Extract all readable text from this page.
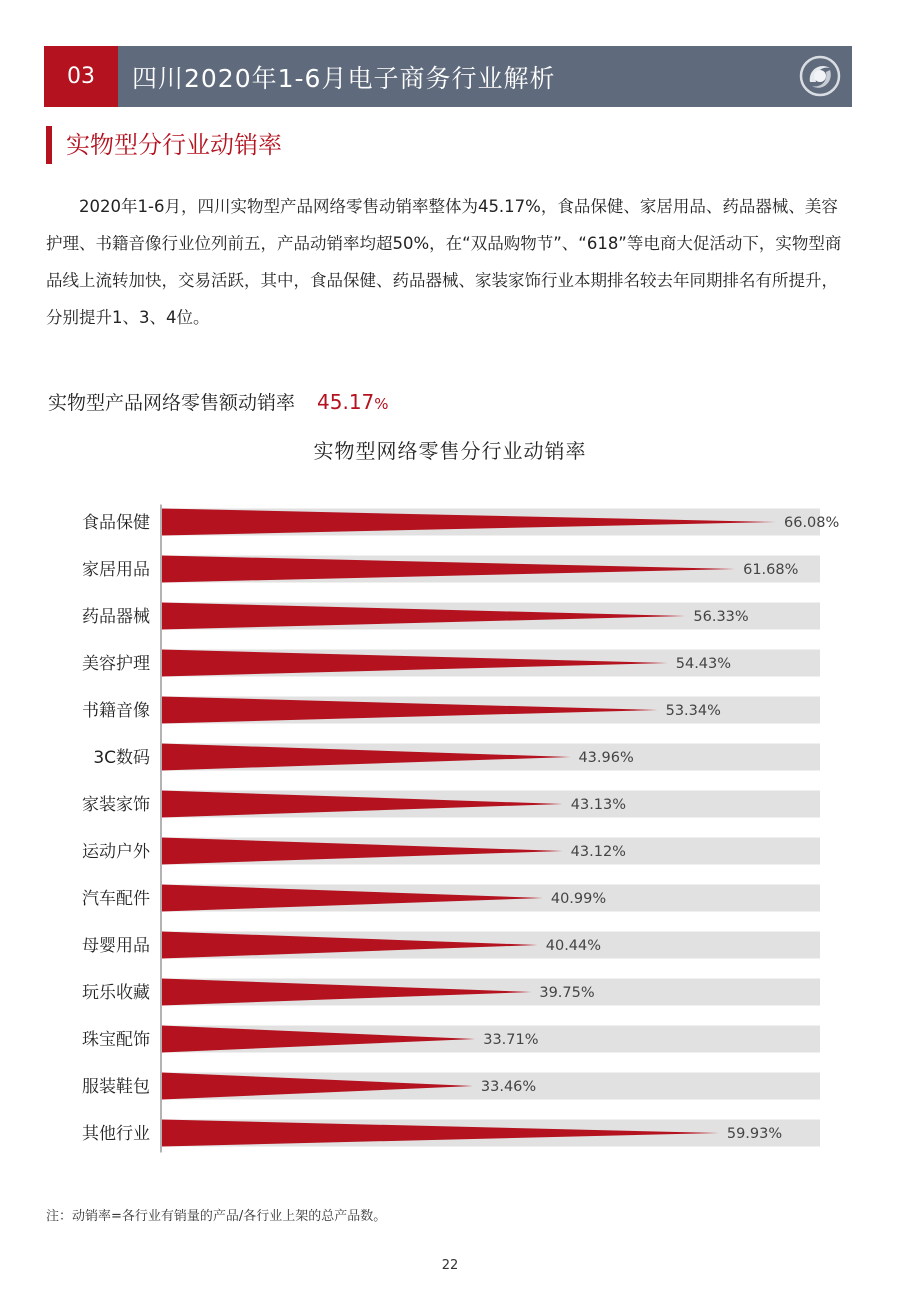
03	四川2020年1-6月电子商务行业解析
实物型分行业动销率
2020年1-6月，四川实物型产品网络零售动销率整体为45.17%，食品保健、家居用品、药品器械、美容护理、书籍音像行业位列前五，产品动销率均超50%，在“双品购物节”、“618”等电商大促活动下，实物型商品线上流转加快，交易活跃，其中，食品保健、药品器械、家装家饰行业本期排名较去年同期排名有所提升，分别提升1、3、4位。
实物型产品网络零售额动销率 45.17%
实物型网络零售分行业动销率
食品保健	66.08%
家居用品	61.68%
药品器械	56.33%
美容护理	54.43%
书籍音像	53.34%
3C数码	43.96%
家装家饰	43.13%
运动户外	43.12%
汽车配件	40.99%
母婴用品	40.44%
玩乐收藏	39.75%
珠宝配饰	33.71%
服装鞋包	33.46%
其他行业	59.93%
注：动销率=各行业有销量的产品/各行业上架的总产品数。
22
